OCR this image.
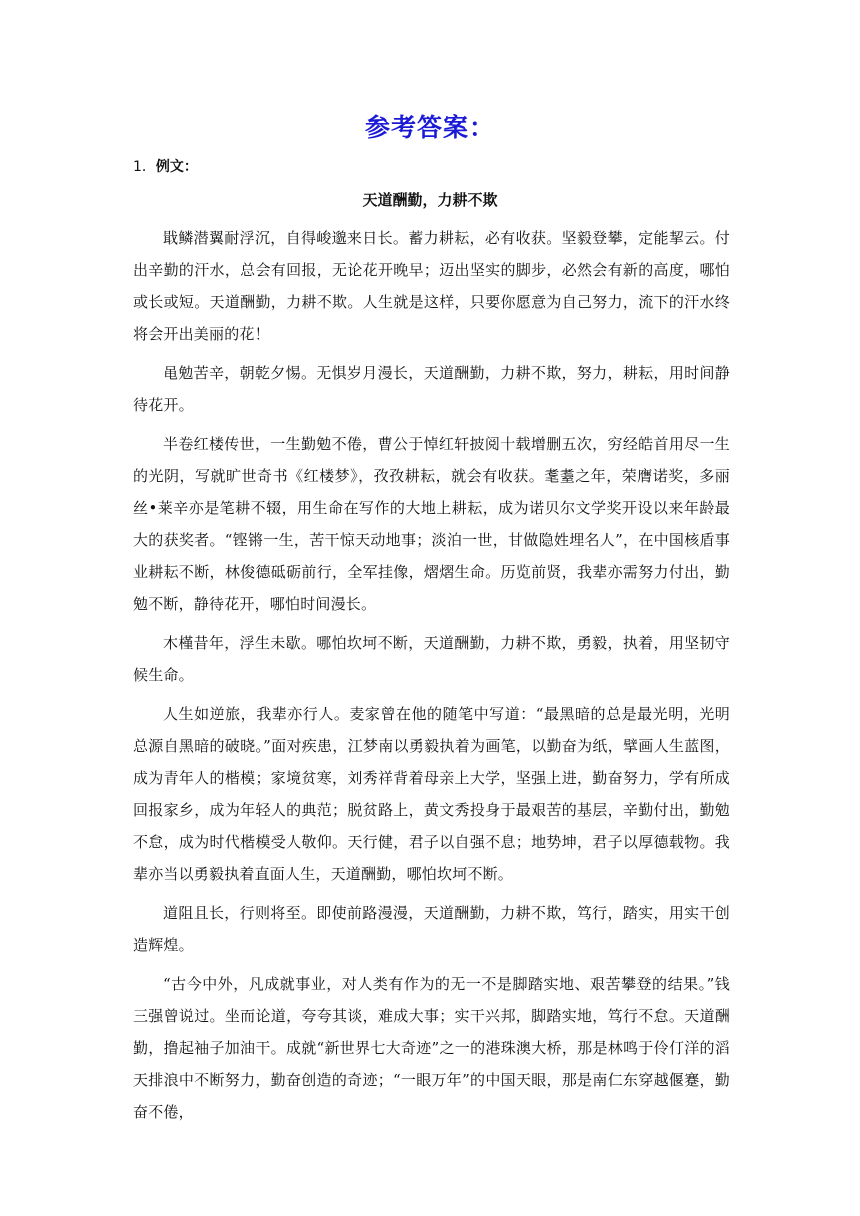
参考答案：
1．例文：
天道酬勤，力耕不欺

戢鳞潜翼耐浮沉，自得峻邈来日长。蓄力耕耘，必有收获。坚毅登攀，定能挈云。付出辛勤的汗水，总会有回报，无论花开晚早；迈出坚实的脚步，必然会有新的高度，哪怕或长或短。天道酬勤，力耕不欺。人生就是这样，只要你愿意为自己努力，流下的汗水终将会开出美丽的花！

黾勉苦辛，朝乾夕惕。无惧岁月漫长，天道酬勤，力耕不欺，努力，耕耘，用时间静待花开。

半卷红楼传世，一生勤勉不倦，曹公于悼红轩披阅十载增删五次，穷经皓首用尽一生的光阴，写就旷世奇书《红楼梦》，孜孜耕耘，就会有收获。耄耋之年，荣膺诺奖，多丽丝•莱辛亦是笔耕不辍，用生命在写作的大地上耕耘，成为诺贝尔文学奖开设以来年龄最大的获奖者。“铿锵一生，苦干惊天动地事；淡泊一世，甘做隐姓埋名人”，在中国核盾事业耕耘不断，林俊德砥砺前行，全军挂像，熠熠生命。历览前贤，我辈亦需努力付出，勤勉不断，静待花开，哪怕时间漫长。

木槿昔年，浮生未歇。哪怕坎坷不断，天道酬勤，力耕不欺，勇毅，执着，用坚韧守候生命。

人生如逆旅，我辈亦行人。麦家曾在他的随笔中写道：“最黑暗的总是最光明，光明总源自黑暗的破晓。”面对疾患，江梦南以勇毅执着为画笔，以勤奋为纸，擘画人生蓝图，成为青年人的楷模；家境贫寒，刘秀祥背着母亲上大学，坚强上进，勤奋努力，学有所成回报家乡，成为年轻人的典范；脱贫路上，黄文秀投身于最艰苦的基层，辛勤付出，勤勉不怠，成为时代楷模受人敬仰。天行健，君子以自强不息；地势坤，君子以厚德载物。我辈亦当以勇毅执着直面人生，天道酬勤，哪怕坎坷不断。

道阻且长，行则将至。即使前路漫漫，天道酬勤，力耕不欺，笃行，踏实，用实干创造辉煌。

“古今中外，凡成就事业，对人类有作为的无一不是脚踏实地、艰苦攀登的结果。”钱三强曾说过。坐而论道，夸夸其谈，难成大事；实干兴邦，脚踏实地，笃行不怠。天道酬勤，撸起袖子加油干。成就“新世界七大奇迹”之一的港珠澳大桥，那是林鸣于伶仃洋的滔天排浪中不断努力，勤奋创造的奇迹；“一眼万年”的中国天眼，那是南仁东穿越偃蹇，勤奋不倦，
